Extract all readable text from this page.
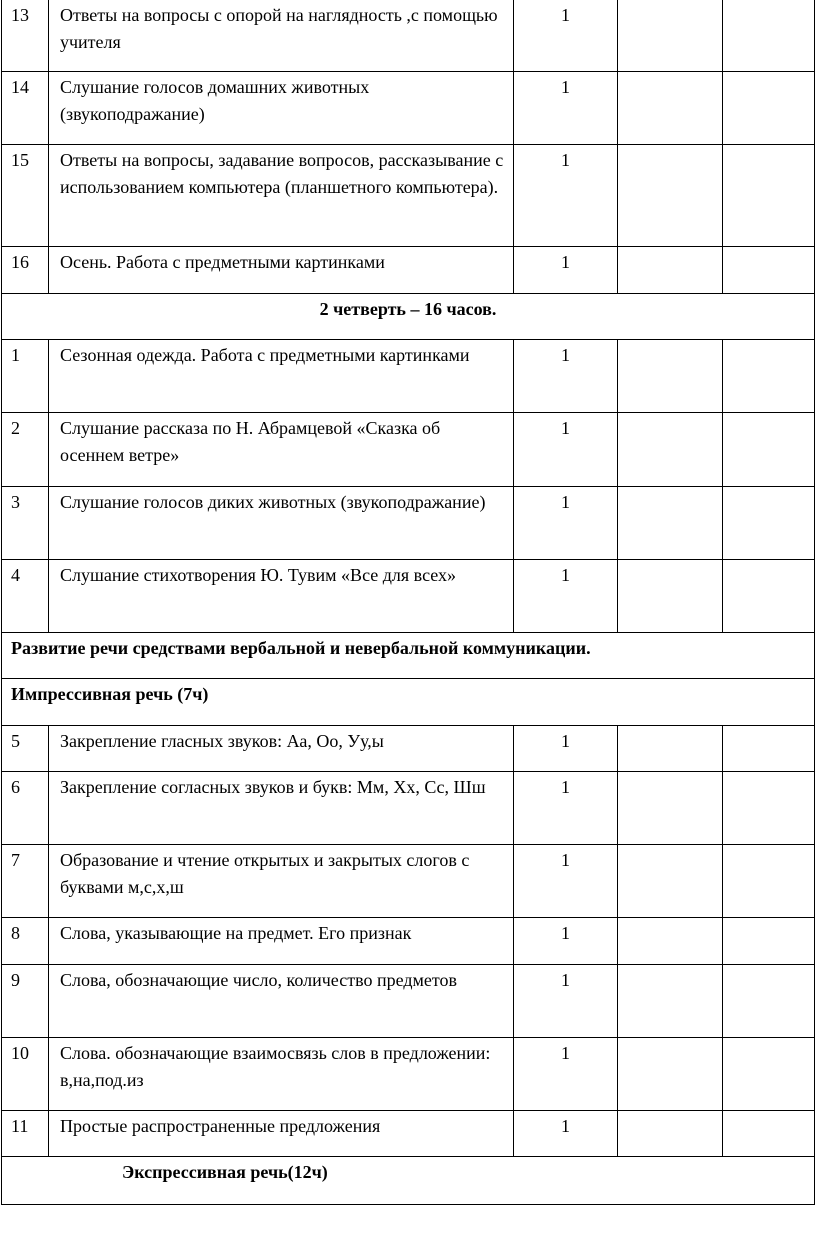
13	Ответы на вопросы с опорой на наглядность ,с помощью учителя	1		
14	Слушание голосов домашних животных (звукоподражание)	1		
15	Ответы на вопросы, задавание вопросов, рассказывание с использованием компьютера (планшетного компьютера).	1		
16	Осень. Работа с предметными картинками	1		
2 четверть – 16 часов.				
1	Сезонная одежда. Работа с предметными картинками	1		
2	Слушание рассказа по Н. Абрамцевой «Сказка об осеннем ветре»	1		
3	Слушание голосов диких животных (звукоподражание)	1		
4	Слушание стихотворения Ю. Тувим «Все для всех»	1		
Развитие речи средствами вербальной и невербальной коммуникации.				
Импрессивная речь (7ч)				
5	Закрепление гласных звуков: Аа, Оо, Уу,ы	1		
6	Закрепление согласных звуков и букв: Мм, Хх, Сс, Шш	1		
7	Образование и чтение открытых и закрытых слогов с буквами м,с,х,ш	1		
8	Слова, указывающие на предмет. Его признак	1		
9	Слова, обозначающие число, количество предметов	1		
10	Слова. обозначающие взаимосвязь слов в предложении: в,на,под.из	1		
11	Простые распространенные предложения	1		
Экспрессивная речь(12ч)				
